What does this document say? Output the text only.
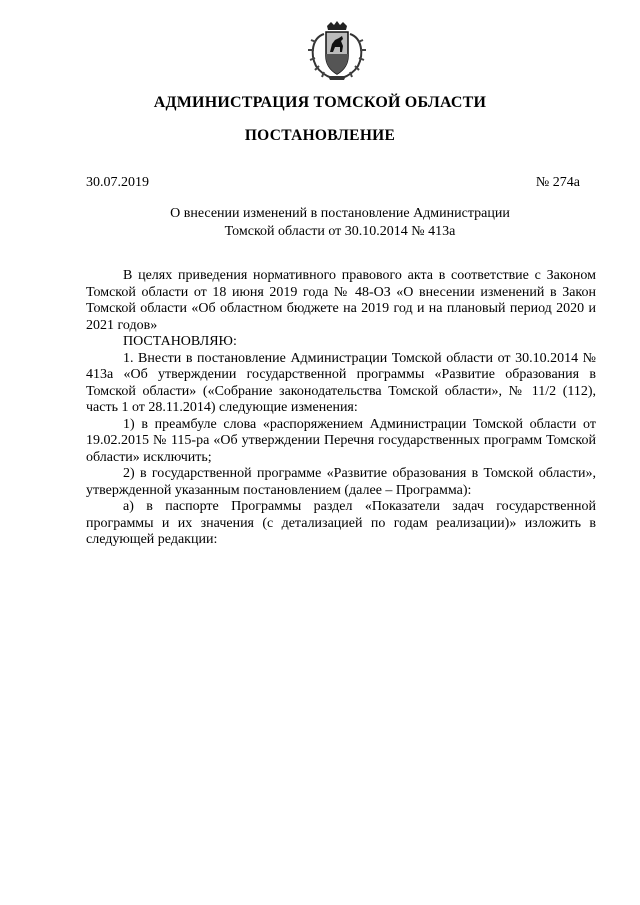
АДМИНИСТРАЦИЯ ТОМСКОЙ ОБЛАСТИ
ПОСТАНОВЛЕНИЕ
30.07.2019	№ 274а
О внесении изменений в постановление Администрации
Томской области от 30.10.2014 № 413а

В целях приведения нормативного правового акта в соответствие с Законом Томской области от 18 июня 2019 года № 48-ОЗ «О внесении изменений в Закон Томской области «Об областном бюджете на 2019 год и на плановый период 2020 и 2021 годов»

ПОСТАНОВЛЯЮ:

1. Внести в постановление Администрации Томской области от 30.10.2014 № 413а «Об утверждении государственной программы «Развитие образования в Томской области» («Собрание законодательства Томской области», № 11/2 (112), часть 1 от 28.11.2014) следующие изменения:

1) в преамбуле слова «распоряжением Администрации Томской области от 19.02.2015 № 115-ра «Об утверждении Перечня государственных программ Томской области» исключить;

2) в государственной программе «Развитие образования в Томской области», утвержденной указанным постановлением (далее – Программа):

а) в паспорте Программы раздел «Показатели задач государственной программы и их значения (с детализацией по годам реализации)» изложить в следующей редакции:
